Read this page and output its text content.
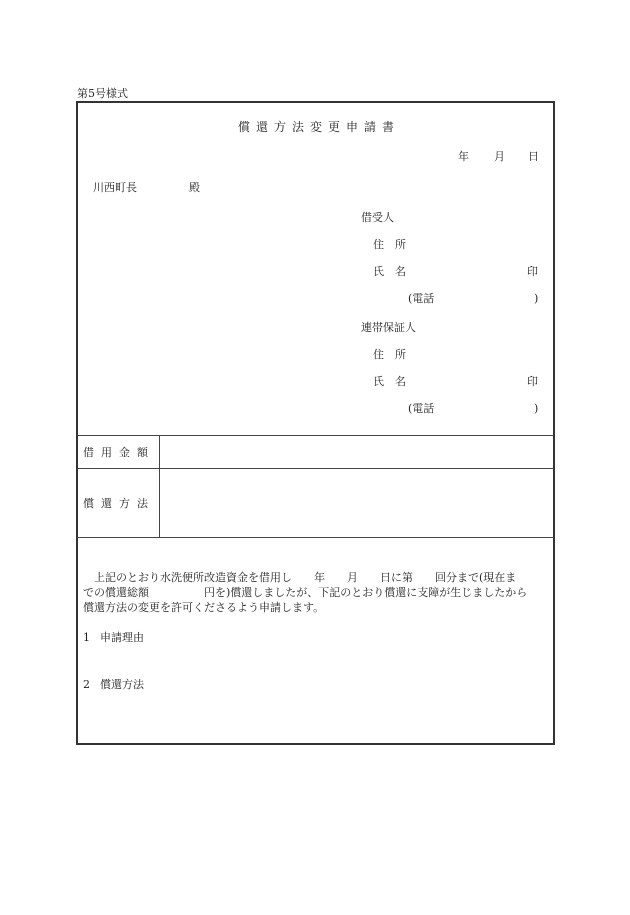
第5号様式
償還方法変更申請書
年 月 日
川西町長	殿
借受人
住　所
氏　名	印
(電話	)
連帯保証人
住　所
氏　名	印
(電話	)
借用金額
償還方法
上記のとおり水洗便所改造資金を借用し　　年　　月　　日に第　　回分まで(現在ま
での償還総額　　　　　円を)償還しましたが、下記のとおり償還に支障が生じましたから
償還方法の変更を許可くださるよう申請します。
1 申請理由
2 償還方法
